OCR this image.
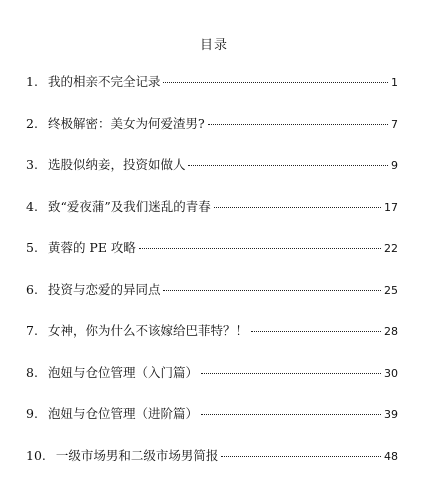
目录
1. 我的相亲不完全记录	1
2. 终极解密：美女为何爱渣男?	7
3. 选股似纳妾，投资如做人	9
4. 致“爱夜蒲”及我们迷乱的青春	17
5. 黄蓉的 PE 攻略	22
6. 投资与恋爱的异同点	25
7. 女神，你为什么不该嫁给巴菲特？！	28
8. 泡妞与仓位管理（入门篇）	30
9. 泡妞与仓位管理（进阶篇）	39
10. 一级市场男和二级市场男简报	48
